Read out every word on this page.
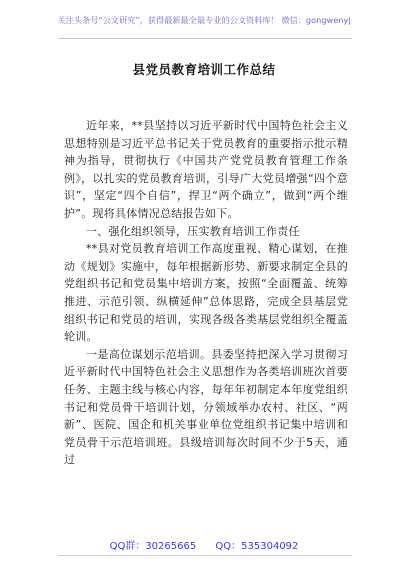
关注头条号“公文研究”，获得最新最全最专业的公文资料库！ 微信：gongwenyj
县党员教育培训工作总结

近年来，**县坚持以习近平新时代中国特色社会主义思想特别是习近平总书记关于党员教育的重要指示批示精神为指导，贯彻执行《中国共产党党员教育管理工作条例》，以扎实的党员教育培训，引导广大党员增强“四个意识”，坚定“四个自信”，捍卫“两个确立”，做到“两个维护”。现将具体情况总结报告如下。

一、强化组织领导，压实教育培训工作责任

**县对党员教育培训工作高度重视、精心谋划，在推动《规划》实施中，每年根据新形势、新要求制定全县的党组织书记和党员集中培训方案，按照“全面覆盖、统筹推进、示范引领、纵横延伸”总体思路，完成全县基层党组织书记和党员的培训，实现各级各类基层党组织全覆盖轮训。

一是高位谋划示范培训。县委坚持把深入学习贯彻习近平新时代中国特色社会主义思想作为各类培训班次首要任务、主题主线与核心内容，每年年初制定本年度党组织书记和党员骨干培训计划，分领域举办农村、社区、“两新”、医院、国企和机关事业单位党组织书记集中培训和党员骨干示范培训班。县级培训每次时间不少于5天，通过

QQ群：30265665 QQ：535304092
